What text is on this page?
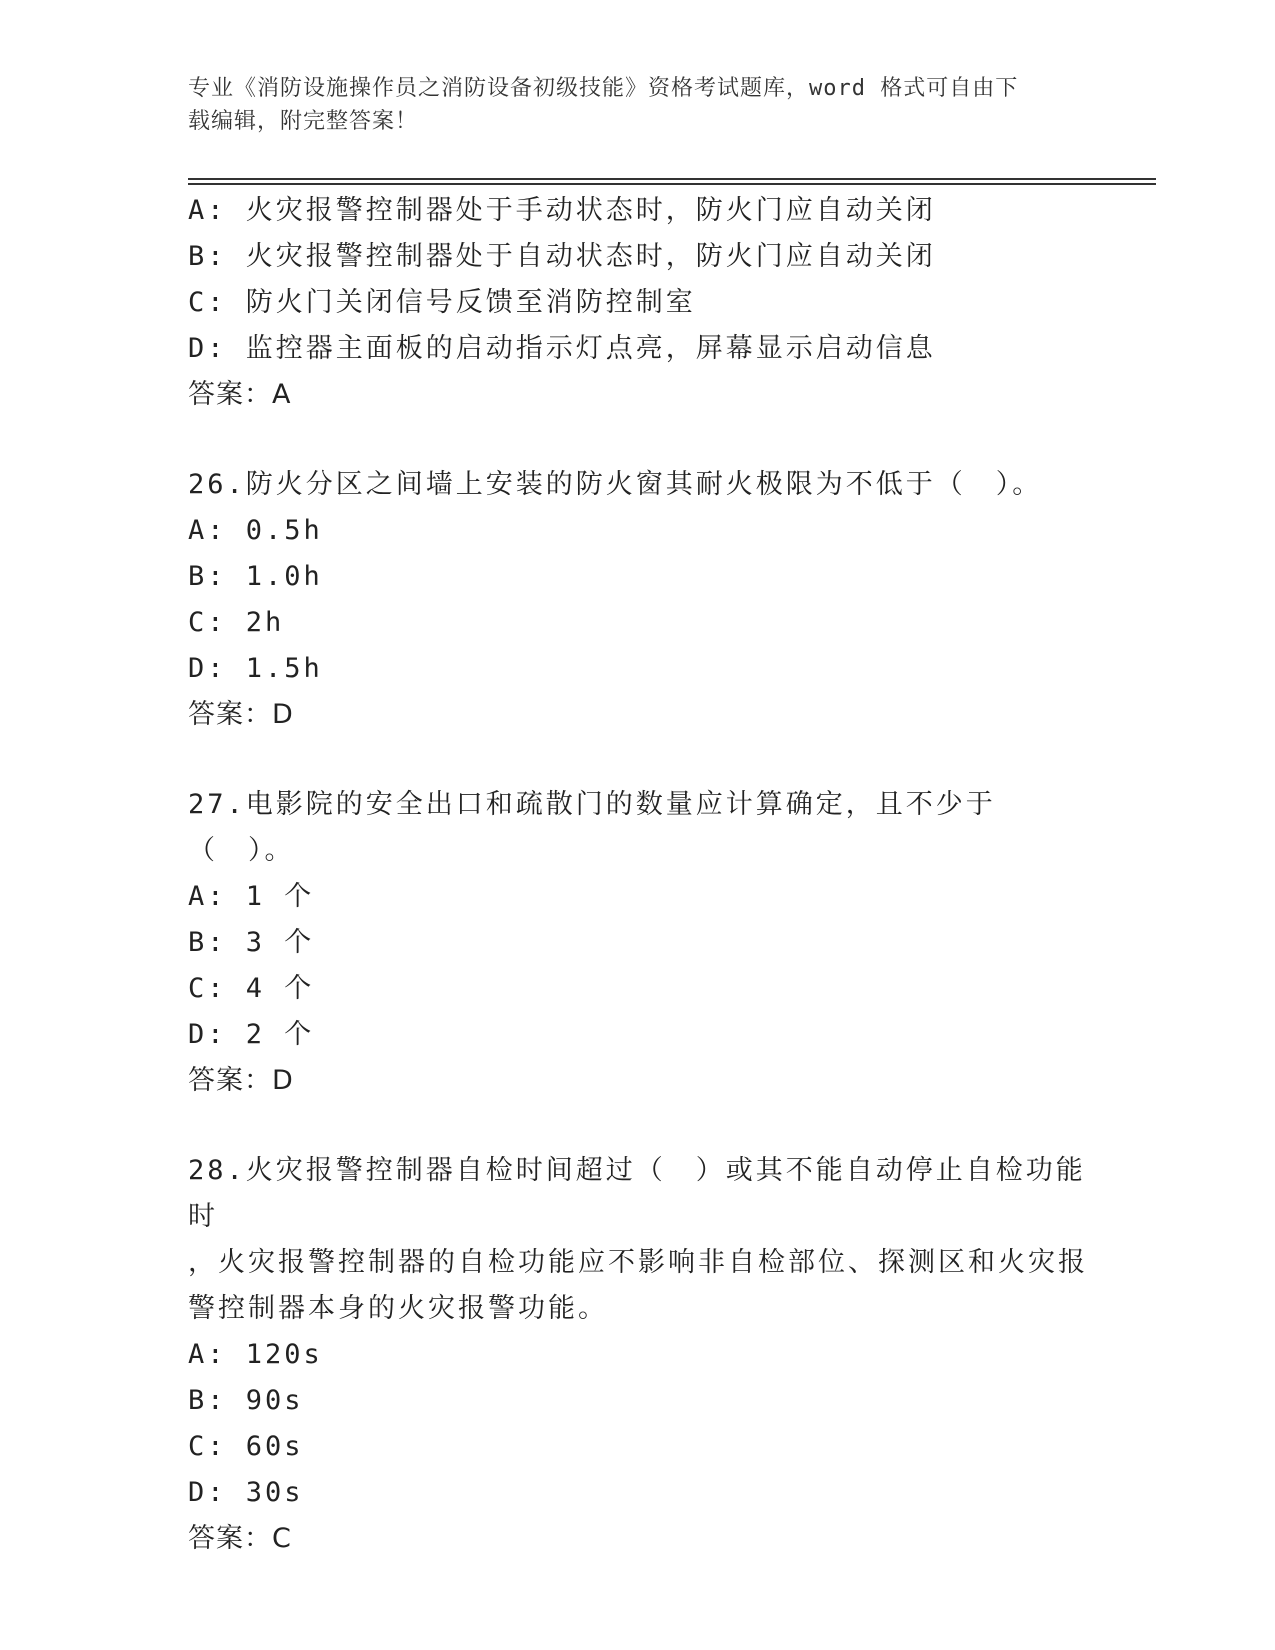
专业《消防设施操作员之消防设备初级技能》资格考试题库，word 格式可自由下
载编辑，附完整答案！
A: 火灾报警控制器处于手动状态时，防火门应自动关闭
B: 火灾报警控制器处于自动状态时，防火门应自动关闭
C: 防火门关闭信号反馈至消防控制室
D: 监控器主面板的启动指示灯点亮，屏幕显示启动信息
答案：A
26.防火分区之间墙上安装的防火窗其耐火极限为不低于（　）。
A: 0.5h
B: 1.0h
C: 2h
D: 1.5h
答案：D
27.电影院的安全出口和疏散门的数量应计算确定，且不少于（　）。
A: 1 个
B: 3 个
C: 4 个
D: 2 个
答案：D
28.火灾报警控制器自检时间超过（　）或其不能自动停止自检功能时
，火灾报警控制器的自检功能应不影响非自检部位、探测区和火灾报
警控制器本身的火灾报警功能。
A: 120s
B: 90s
C: 60s
D: 30s
答案：C
